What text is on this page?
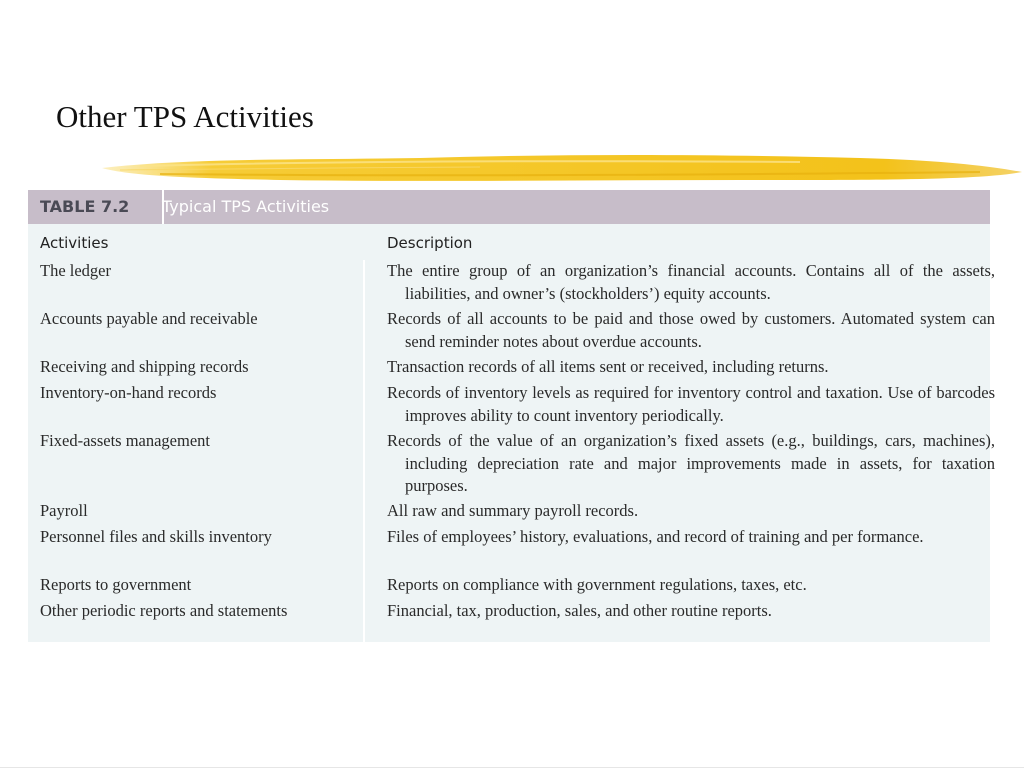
Other TPS Activities
TABLE 7.2	Typical TPS Activities
Activities	Description
The ledger	The entire group of an organization’s financial accounts. Contains all of the assets, liabilities, and owner’s (stockholders’) equity accounts.
Accounts payable and receivable	Records of all accounts to be paid and those owed by customers. Automated system can send reminder notes about overdue accounts.
Receiving and shipping records	Transaction records of all items sent or received, including returns.
Inventory-on-hand records	Records of inventory levels as required for inventory control and taxation. Use of barcodes improves ability to count inventory periodically.
Fixed-assets management	Records of the value of an organization’s fixed assets (e.g., buildings, cars, machines), including depreciation rate and major improvements made in assets, for taxation purposes.
Payroll	All raw and summary payroll records.
Personnel files and skills inventory	Files of employees’ history, evaluations, and record of training and per formance.
Reports to government	Reports on compliance with government regulations, taxes, etc.
Other periodic reports and statements	Financial, tax, production, sales, and other routine reports.
